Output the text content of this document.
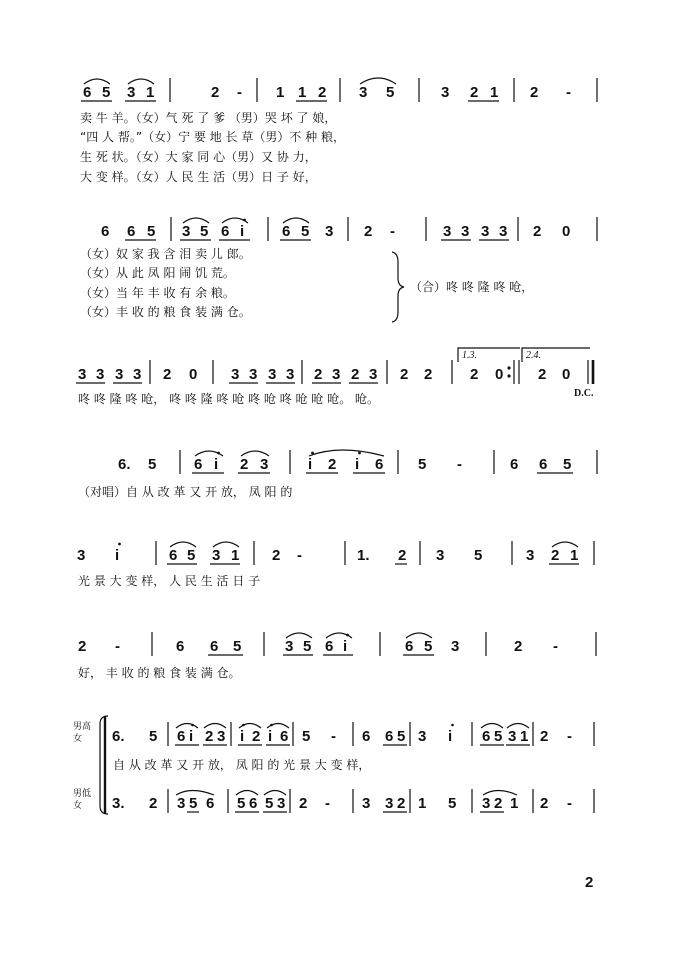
6 5 3 1	2 - 1 1 2 3 5	3 2 1 2 -
卖 牛 羊。（女）气 死 了 爹 （男）哭 坏 了 娘，
“四 人 帮。”（女）宁 要 地 长 草（男）不 种 粮，
生 死 状。（女）大 家 同 心（男）又 协 力，
大 变 样。（女）人 民 生 活（男）日 子 好，
6 6 5 3 5 6 i	6 5 3 2 -	3 3 3 3 2 0
（女）奴 家 我 含 泪 卖 儿 郎。
（女）从 此 凤 阳 闹 饥 荒。
（女）当 年 丰 收 有 余 粮。
（女）丰 收 的 粮 食 装 满 仓。
（合）咚 咚 隆 咚 呛，
3 3 3 3 2 0 3 3 3 3 2 3 2 3 2 2	2 0 2 0
1.3.	2.4.
D.C.
咚 咚 隆 咚 呛， 咚 咚 隆 咚 呛 咚 呛 咚 呛 呛 呛。 呛。
6. 5	6 i 2 3	i 2 i 6 5 -	6 6 5
（对唱）自 从 改 革 又 开 放， 凤 阳 的
3 i	6 5 3 1 2 -	1. 2 3 5	3 2 1
光 景 大 变 样， 人 民 生 活 日 子
2 -	6 6 5	3 5 6 i	6 5 3	2 -
好， 丰 收 的 粮 食 装 满 仓。
男高
女
男低
女
6. 5 6 i 2 3 i 2 i 6 5 - 6 6 5 3 i 6 5 3 1 2 -
自 从 改 革 又 开 放， 凤 阳 的 光 景 大 变 样，
3. 2 3 5 6 5 6 5 3 2 - 3 3 2 1 5 3 2 1 2 -
2
